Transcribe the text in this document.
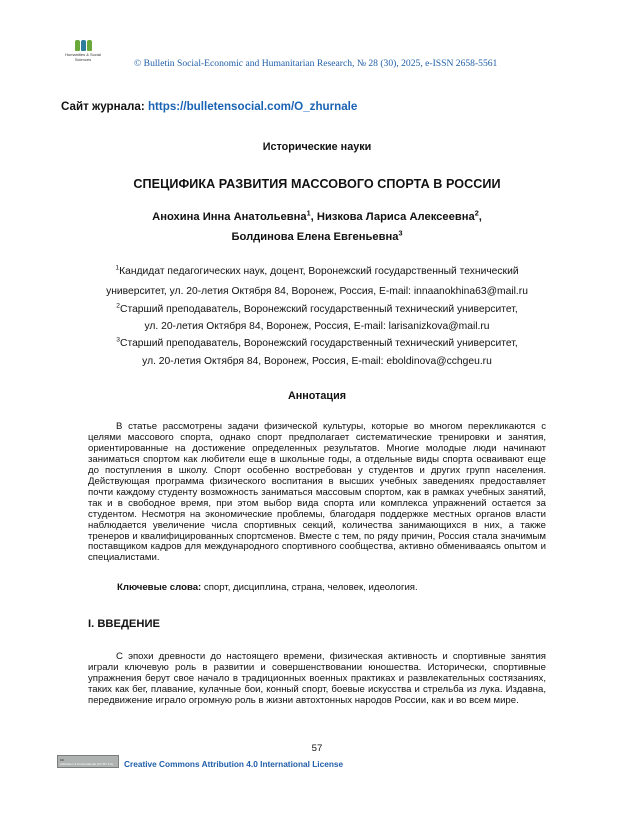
Humanities & Social Sciences	© Bulletin Social-Economic and Humanitarian Research, № 28 (30), 2025, e-ISSN 2658-5561
Сайт журнала: https://bulletensocial.com/O_zhurnale
Исторические науки
СПЕЦИФИКА РАЗВИТИЯ МАССОВОГО СПОРТА В РОССИИ
Анохина Инна Анатольевна$^1$, Низкова Лариса Алексеевна$^2$,
Болдинова Елена Евгеньевна$^3$
$^1$Кандидат педагогических наук, доцент, Воронежский государственный технический
университет, ул. 20-летия Октября 84, Воронеж, Россия, E-mail: innaanokhina63@mail.ru
$^2$Старший преподаватель, Воронежский государственный технический университет,
ул. 20-летия Октября 84, Воронеж, Россия, E-mail: larisanizkova@mail.ru
$^3$Старший преподаватель, Воронежский государственный технический университет,
ул. 20-летия Октября 84, Воронеж, Россия, E-mail: eboldinova@cchgeu.ru
Аннотация

В статье рассмотрены задачи физической культуры, которые во многом перекликаются с целями массового спорта, однако спорт предполагает систематические тренировки и занятия, ориентированные на достижение определенных результатов. Многие молодые люди начинают заниматься спортом как любители еще в школьные годы, а отдельные виды спорта осваивают еще до поступления в школу. Спорт особенно востребован у студентов и других групп населения. Действующая программа физического воспитания в высших учебных заведениях предоставляет почти каждому студенту возможность заниматься массовым спортом, как в рамках учебных занятий, так и в свободное время, при этом выбор вида спорта или комплекса упражнений остается за студентом. Несмотря на экономические проблемы, благодаря поддержке местных органов власти наблюдается увеличение числа спортивных секций, количества занимающихся в них, а также тренеров и квалифицированных спортсменов. Вместе с тем, по ряду причин, Россия стала значимым поставщиком кадров для международного спортивного сообщества, активно обменивааясь опытом и специалистами.

Ключевые слова: спорт, дисциплина, страна, человек, идеология.
I. ВВЕДЕНИЕ

С эпохи древности до настоящего времени, физическая активность и спортивные занятия играли ключевую роль в развитии и совершенствовании юношества. Исторически, спортивные упражнения берут свое начало в традиционных военных практиках и развлекательных состязаниях, таких как бег, плавание, кулачные бои, конный спорт, боевые искусства и стрельба из лука. Издавна, передвижение играло огромную роль в жизни автохтонных народов России, как и во всем мире.

57
cc
Attribution 4.0 International (CC BY 4.0) Creative Commons Attribution 4.0 International License
